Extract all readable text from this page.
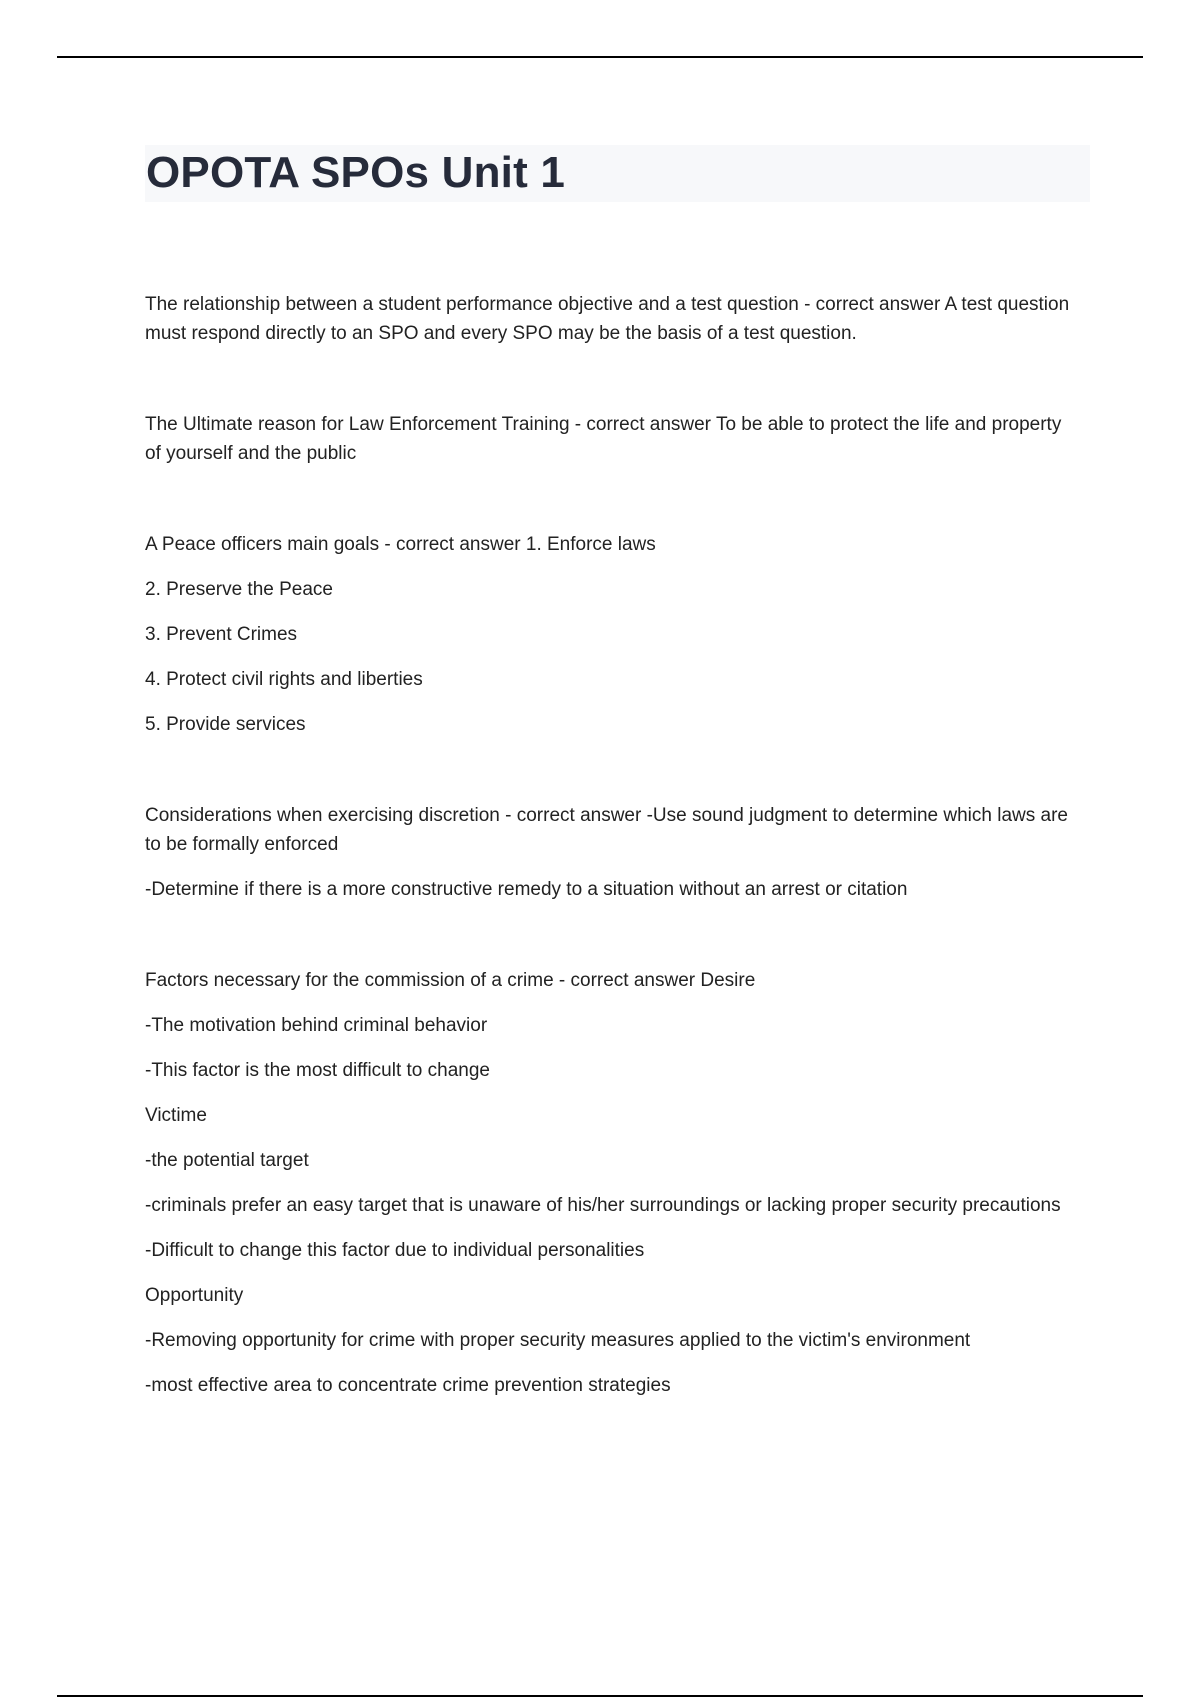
OPOTA SPOs Unit 1

The relationship between a student performance objective and a test question - correct answer A test question must respond directly to an SPO and every SPO may be the basis of a test question.

The Ultimate reason for Law Enforcement Training - correct answer To be able to protect the life and property of yourself and the public

A Peace officers main goals - correct answer 1. Enforce laws

2. Preserve the Peace

3. Prevent Crimes

4. Protect civil rights and liberties

5. Provide services

Considerations when exercising discretion - correct answer -Use sound judgment to determine which laws are to be formally enforced

-Determine if there is a more constructive remedy to a situation without an arrest or citation

Factors necessary for the commission of a crime - correct answer Desire

-The motivation behind criminal behavior

-This factor is the most difficult to change

Victime

-the potential target

-criminals prefer an easy target that is unaware of his/her surroundings or lacking proper security precautions

-Difficult to change this factor due to individual personalities

Opportunity

-Removing opportunity for crime with proper security measures applied to the victim's environment

-most effective area to concentrate crime prevention strategies
